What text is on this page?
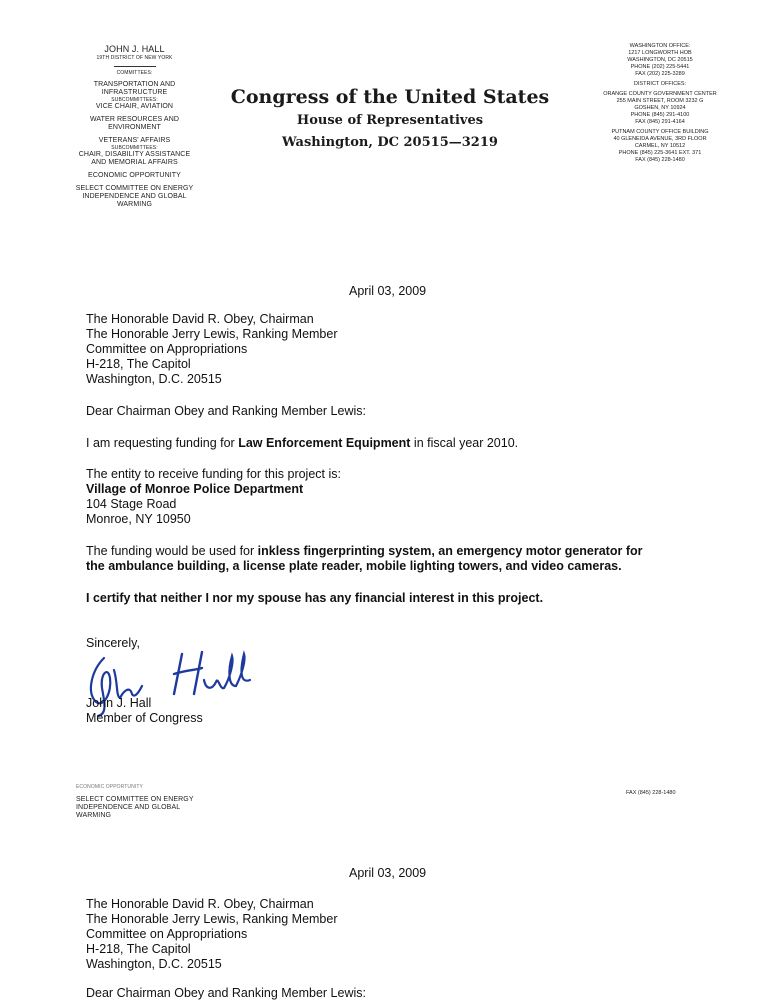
JOHN J. HALL
19TH DISTRICT OF NEW YORK
COMMITTEES:
TRANSPORTATION AND INFRASTRUCTURE
SUBCOMMITTEES:
VICE CHAIR, AVIATION
WATER RESOURCES AND ENVIRONMENT
VETERANS' AFFAIRS
SUBCOMMITTEES:
CHAIR, DISABILITY ASSISTANCE AND MEMORIAL AFFAIRS
ECONOMIC OPPORTUNITY
SELECT COMMITTEE ON ENERGY INDEPENDENCE AND GLOBAL WARMING
Congress of the United States
House of Representatives
Washington, DC 20515—3219
WASHINGTON OFFICE:
1217 LONGWORTH HOB
WASHINGTON, DC 20515
PHONE (202) 225-5441
FAX (202) 225-3289
DISTRICT OFFICES:
ORANGE COUNTY GOVERNMENT CENTER
255 MAIN STREET, ROOM 3232 G
GOSHEN, NY 10924
PHONE (845) 291-4100
FAX (845) 291-4164
PUTNAM COUNTY OFFICE BUILDING
40 GLENEIDA AVENUE, 3RD FLOOR
CARMEL, NY 10512
PHONE (845) 225-3641 EXT. 371
FAX (845) 228-1480
April 03, 2009
The Honorable David R. Obey, Chairman
The Honorable Jerry Lewis, Ranking Member
Committee on Appropriations
H-218, The Capitol
Washington, D.C. 20515
Dear Chairman Obey and Ranking Member Lewis:
I am requesting funding for Law Enforcement Equipment in fiscal year 2010.
The entity to receive funding for this project is:
Village of Monroe Police Department
104 Stage Road
Monroe, NY 10950
The funding would be used for inkless fingerprinting system, an emergency motor generator for
the ambulance building, a license plate reader, mobile lighting towers, and video cameras.
I certify that neither I nor my spouse has any financial interest in this project.
Sincerely,
John J. Hall
Member of Congress
ECONOMIC OPPORTUNITY
SELECT COMMITTEE ON ENERGY INDEPENDENCE AND GLOBAL WARMING
FAX (845) 228-1480
April 03, 2009
The Honorable David R. Obey, Chairman
The Honorable Jerry Lewis, Ranking Member
Committee on Appropriations
H-218, The Capitol
Washington, D.C. 20515
Dear Chairman Obey and Ranking Member Lewis:
